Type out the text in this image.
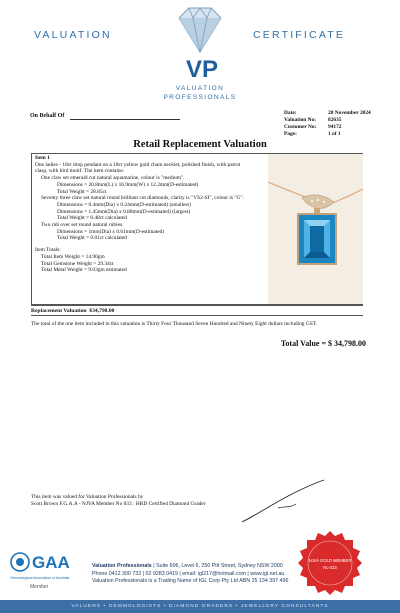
VALUATION	CERTIFICATE
VP
VALUATION
PROFESSIONALS
On Behalf Of	Date:	28 November 2024
Valuation No:	82635
Customer No:	94172
Page:	1 of 1
Retail Replacement Valuation
Item 1
One ladies - 18ct drop pendant on a 18ct yellow gold chain necklet, polished finish, with parrot
clasp, with bird motif. The item contains:
One claw set emerald cut natural aquamarine, colour is "medium".
Dimensions = 20.8mm(L) x 16.9mm(W) x 12.2mm(D-estimated)
Total Weight = 28.85ct
Seventy three claw set natural round brilliant cut diamonds, clarity is "VS2-SI", colour is "G".
Dimensions = 0.4mm(Dia) x 0.24mm(D-estimated) (smallest)
Dimensions = 1.45mm(Dia) x 0.88mm(D-estimated) (largest)
Total Weight = 0.48ct calculated
Two rub over set round natural rubies.
Dimensions = 1mm(Dia) x 0.61mm(D-estimated)
Total Weight = 0.01ct calculated
Item Totals:
Total Item Weight = 14.90gm
Total Gemstone Weight = 29.34ct
Total Metal Weight = 9.03gm estimated
Replacement Valuation $34,798.00
The total of the one item included in this valuation is Thirty Four Thousand Seven Hundred and Ninety Eight dollars including GST.
Total Value = $ 34,798.00
This item was valued for Valuation Professionals by
Scott Brown F.G.A.A - NJVA Member No 033 : HRD Certified Diamond Grader
NJVA GOLD MEMBER
No 033
GAA
Gemmological Association of Australia
Member
Valuation Professionals | Suite 606, Level 6, 250 Pitt Street, Sydney NSW 2000
Phone 0412 300 732 | 02 9283 0419 | email: igl217@hotmail.com | www.igl.net.au
Valuation Professionals is a Trading Name of IGL Corp Pty Ltd ABN 25 134 397 496
VALUERS • GEMMOLOGISTS • DIAMOND GRADERS • JEWELLERY CONSULTANTS
